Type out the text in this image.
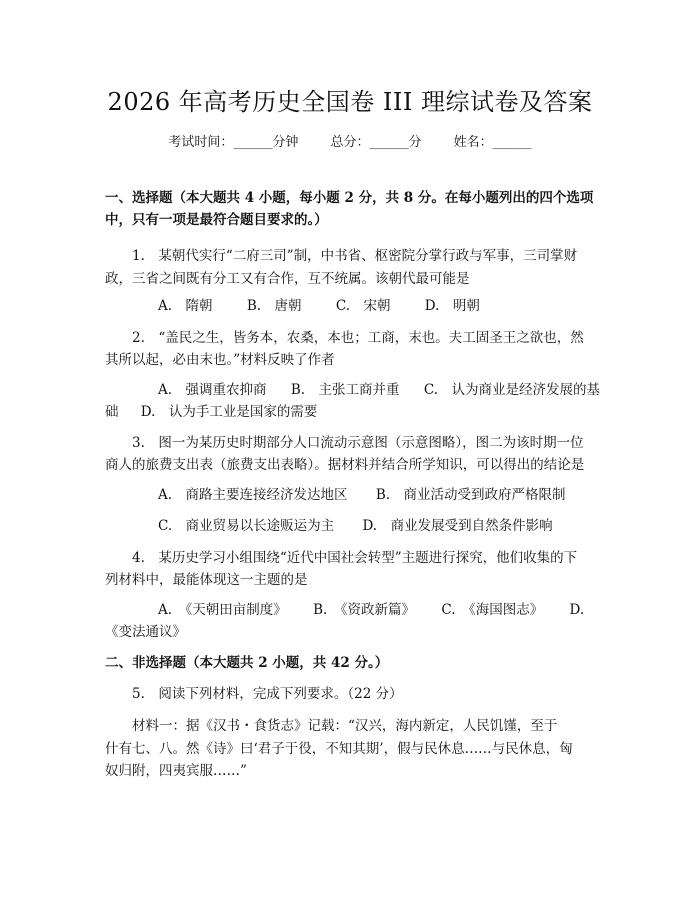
2026 年高考历史全国卷 III 理综试卷及答案
考试时间：______分钟 总分：______分 姓名：______
一、选择题（本大题共 4 小题，每小题 2 分，共 8 分。在每小题列出的四个选项
中，只有一项是最符合题目要求的。）
1.　某朝代实行“二府三司”制，中书省、枢密院分掌行政与军事，三司掌财
政，三省之间既有分工又有合作，互不统属。该朝代最可能是
A.　隋朝	B.　唐朝	C.　宋朝	D.　明朝
2.　“盖民之生，皆务本，农桑，本也；工商，末也。夫工固圣王之欲也，然
其所以起，必由末也。”材料反映了作者
A.　强调重农抑商 B.　主张工商并重 C.　认为商业是经济发展的基
础 D.　认为手工业是国家的需要
3.　图一为某历史时期部分人口流动示意图（示意图略），图二为该时期一位
商人的旅费支出表（旅费支出表略）。据材料并结合所学知识，可以得出的结论是
A.　商路主要连接经济发达地区 B.　商业活动受到政府严格限制
C.　商业贸易以长途贩运为主 D.　商业发展受到自然条件影响
4.　某历史学习小组围绕“近代中国社会转型”主题进行探究，他们收集的下
列材料中，最能体现这一主题的是
A.　《天朝田亩制度》 B.　《资政新篇》 C.　《海国图志》 D.
《变法通议》
二、非选择题（本大题共 2 小题，共 42 分。）
5.　阅读下列材料，完成下列要求。（22 分）
材料一：据《汉书・食货志》记载：“汉兴，海内新定，人民饥馑，至于
什有七、八。然《诗》曰‘君子于役，不知其期’，假与民休息……与民休息，匈
奴归附，四夷宾服……”
